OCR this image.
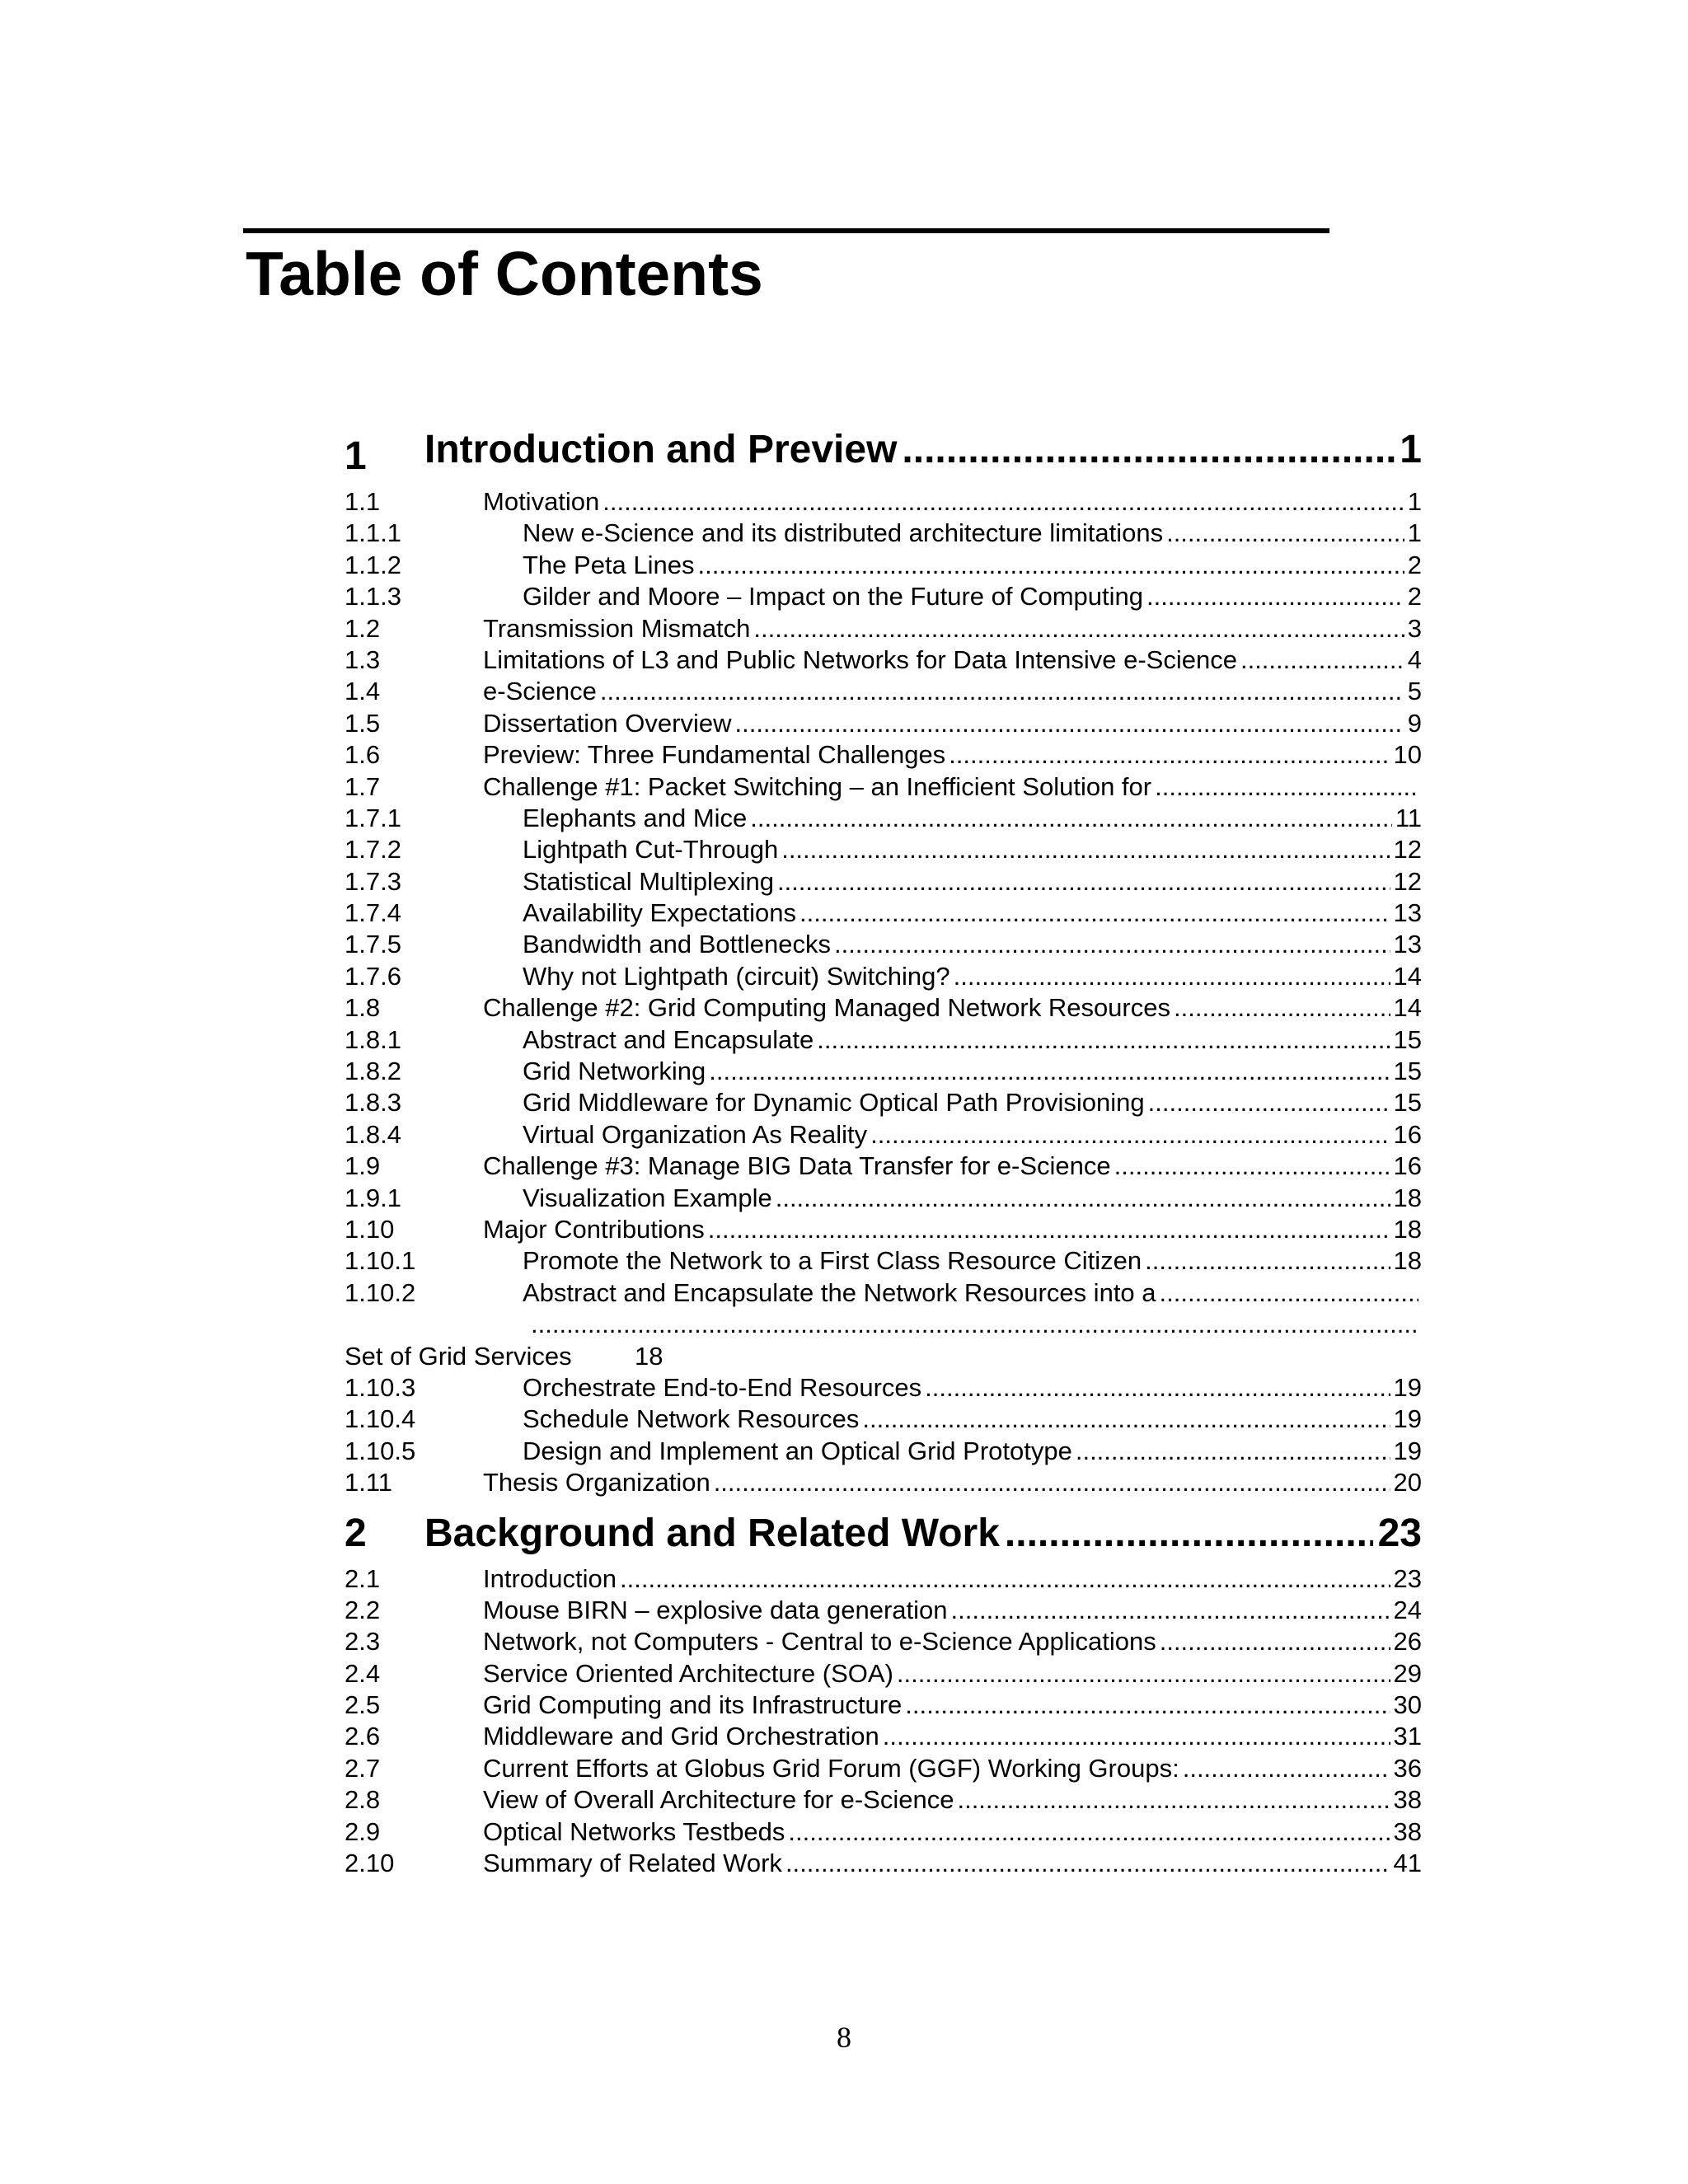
Table of Contents
1 Introduction and Preview .....	1
1.1	Motivation .....	1
1.1.1	New e-Science and its distributed architecture limitations .....	1
1.1.2	The Peta Lines .....	2
1.1.3	Gilder and Moore – Impact on the Future of Computing .....	2
1.2	Transmission Mismatch .....	3
1.3	Limitations of L3 and Public Networks for Data Intensive e-Science .....	4
1.4	e-Science .....	5
1.5	Dissertation Overview .....	9
1.6	Preview: Three Fundamental Challenges .....	10
1.7	Challenge #1: Packet Switching – an Inefficient Solution for
.....
1.7.1	Elephants and Mice .....	11
1.7.2	Lightpath Cut-Through .....	12
1.7.3	Statistical Multiplexing .....	12
1.7.4	Availability Expectations .....	13
1.7.5	Bandwidth and Bottlenecks .....	13
1.7.6	Why not Lightpath (circuit) Switching? .....	14
1.8	Challenge #2: Grid Computing Managed Network Resources .....	14
1.8.1	Abstract and Encapsulate .....	15
1.8.2	Grid Networking .....	15
1.8.3	Grid Middleware for Dynamic Optical Path Provisioning .....	15
1.8.4	Virtual Organization As Reality .....	16
1.9	Challenge #3: Manage BIG Data Transfer for e-Science .....	16
1.9.1	Visualization Example .....	18
1.10	Major Contributions .....	18
1.10.1	Promote the Network to a First Class Resource Citizen .....	18
1.10.2	Abstract and Encapsulate the Network Resources into a
.....
.....
Set of Grid Services 18
1.10.3	Orchestrate End-to-End Resources .....	19
1.10.4	Schedule Network Resources .....	19
1.10.5	Design and Implement an Optical Grid Prototype .....	19
1.11	Thesis Organization .....	20
2 Background and Related Work .....	23
2.1	Introduction .....	23
2.2	Mouse BIRN – explosive data generation .....	24
2.3	Network, not Computers - Central to e-Science Applications .....	26
2.4	Service Oriented Architecture (SOA) .....	29
2.5	Grid Computing and its Infrastructure .....	30
2.6	Middleware and Grid Orchestration .....	31
2.7	Current Efforts at Globus Grid Forum (GGF) Working Groups: .....	36
2.8	View of Overall Architecture for e-Science .....	38
2.9	Optical Networks Testbeds .....	38
2.10	Summary of Related Work .....	41
8
